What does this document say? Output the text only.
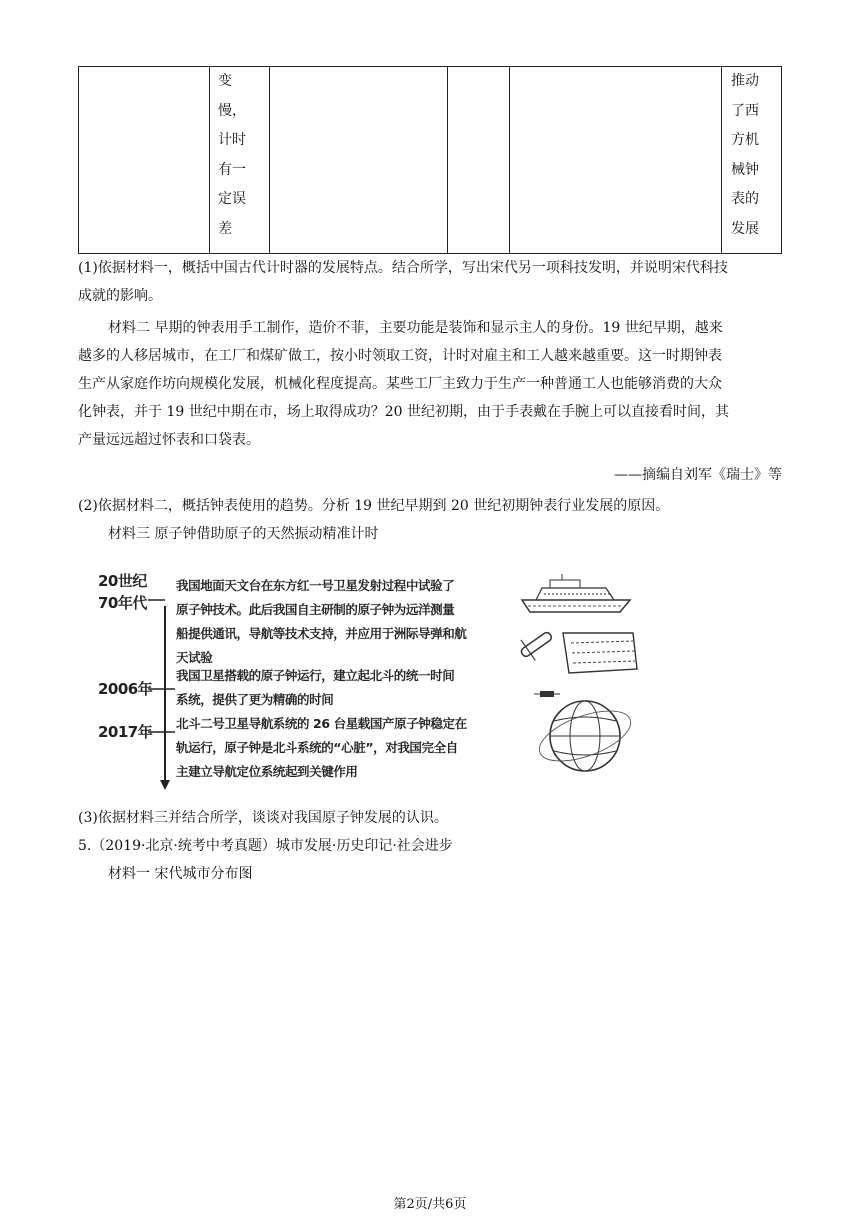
变
慢，
计时
有一
定误
差
推动
了西
方机
械钟
表的
发展
(1)依据材料一，概括中国古代计时器的发展特点。结合所学，写出宋代另一项科技发明，并说明宋代科技
成就的影响。
材料二 早期的钟表用手工制作，造价不菲，主要功能是装饰和显示主人的身份。19 世纪早期，越来
越多的人移居城市，在工厂和煤矿做工，按小时领取工资，计时对雇主和工人越来越重要。这一时期钟表
生产从家庭作坊向规模化发展，机械化程度提高。某些工厂主致力于生产一种普通工人也能够消费的大众
化钟表，并于 19 世纪中期在市，场上取得成功？20 世纪初期，由于手表戴在手腕上可以直接看时间，其
产量远远超过怀表和口袋表。
——摘编自刘军《瑞士》等
(2)依据材料二，概括钟表使用的趋势。分析 19 世纪早期到 20 世纪初期钟表行业发展的原因。
材料三 原子钟借助原子的天然振动精准计时
20世纪
70年代
2006年
2017年
我国地面天文台在东方红一号卫星发射过程中试验了
原子钟技术。此后我国自主研制的原子钟为远洋测量
船提供通讯，导航等技术支持，并应用于洲际导弹和航
天试验
我国卫星搭载的原子钟运行，建立起北斗的统一时间
系统，提供了更为精确的时间
北斗二号卫星导航系统的 26 台星载国产原子钟稳定在
轨运行，原子钟是北斗系统的“心脏”，对我国完全自
主建立导航定位系统起到关键作用
(3)依据材料三并结合所学，谈谈对我国原子钟发展的认识。
5.（2019·北京·统考中考真题）城市发展·历史印记·社会进步
材料一 宋代城市分布图
第2页/共6页
